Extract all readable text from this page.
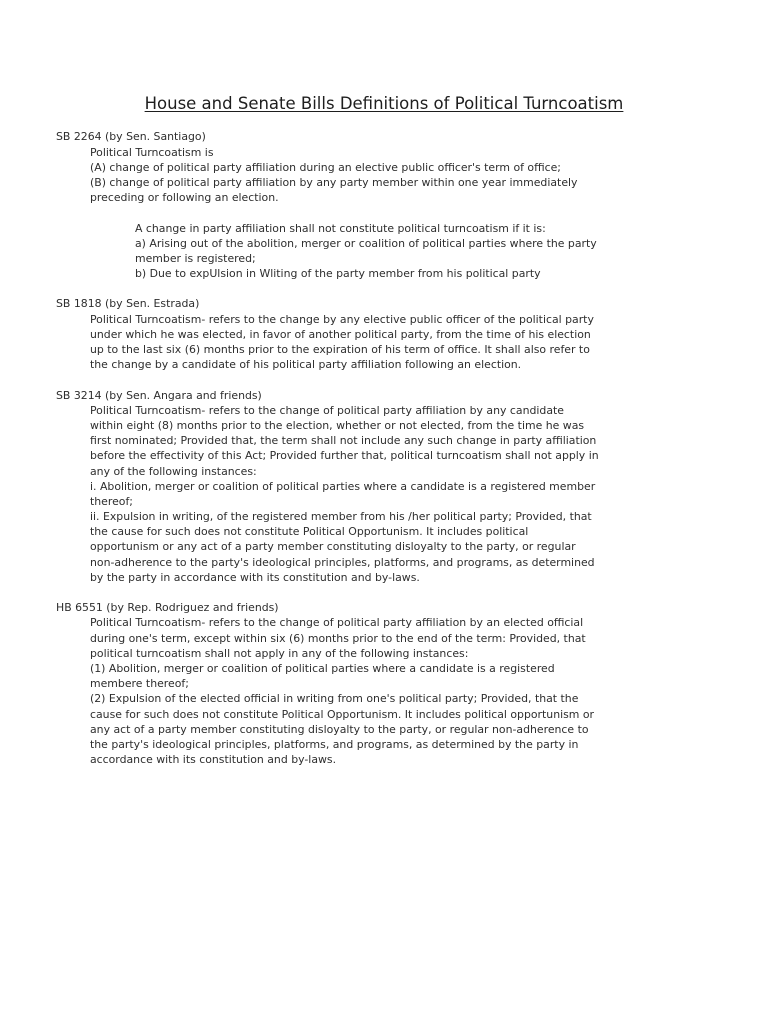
House and Senate Bills Definitions of Political Turncoatism
SB 2264 (by Sen. Santiago)
Political Turncoatism is
(A) change of political party affiliation during an elective public officer's term of office;
(B) change of political party affiliation by any party member within one year immediately
preceding or following an election.
A change in party affiliation shall not constitute political turncoatism if it is:
a) Arising out of the abolition, merger or coalition of political parties where the party
member is registered;
b) Due to expUlsion in Wliting of the party member from his political party
SB 1818 (by Sen. Estrada)
Political Turncoatism- refers to the change by any elective public officer of the political party
under which he was elected, in favor of another political party, from the time of his election
up to the last six (6) months prior to the expiration of his term of office. It shall also refer to
the change by a candidate of his political party affiliation following an election.
SB 3214 (by Sen. Angara and friends)
Political Turncoatism- refers to the change of political party affiliation by any candidate
within eight (8) months prior to the election, whether or not elected, from the time he was
first nominated; Provided that, the term shall not include any such change in party affiliation
before the effectivity of this Act; Provided further that, political turncoatism shall not apply in
any of the following instances:
i. Abolition, merger or coalition of political parties where a candidate is a registered member
thereof;
ii. Expulsion in writing, of the registered member from his /her political party; Provided, that
the cause for such does not constitute Political Opportunism. It includes political
opportunism or any act of a party member constituting disloyalty to the party, or regular
non-adherence to the party's ideological principles, platforms, and programs, as determined
by the party in accordance with its constitution and by-laws.
HB 6551 (by Rep. Rodriguez and friends)
Political Turncoatism- refers to the change of political party affiliation by an elected official
during one's term, except within six (6) months prior to the end of the term: Provided, that
political turncoatism shall not apply in any of the following instances:
(1) Abolition, merger or coalition of political parties where a candidate is a registered
membere thereof;
(2) Expulsion of the elected official in writing from one's political party; Provided, that the
cause for such does not constitute Political Opportunism. It includes political opportunism or
any act of a party member constituting disloyalty to the party, or regular non-adherence to
the party's ideological principles, platforms, and programs, as determined by the party in
accordance with its constitution and by-laws.
